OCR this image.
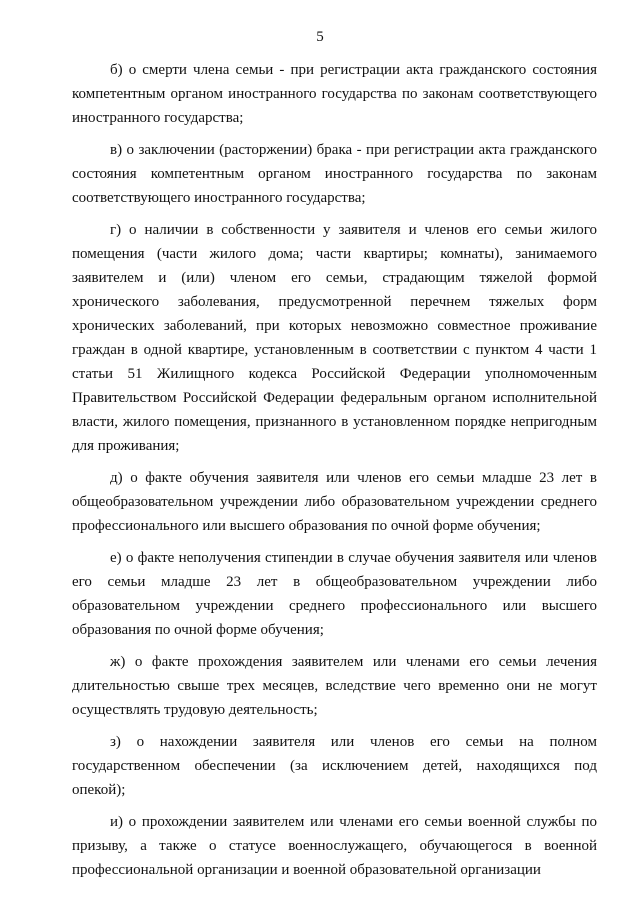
5
б) о смерти члена семьи - при регистрации акта гражданского состояния
компетентным органом иностранного государства по законам соответствующего
иностранного государства;
в) о заключении (расторжении) брака - при регистрации акта гражданского
состояния компетентным органом иностранного государства по законам
соответствующего иностранного государства;
г) о наличии в собственности у заявителя и членов его семьи жилого
помещения (части жилого дома; части квартиры; комнаты), занимаемого
заявителем и (или) членом его семьи, страдающим тяжелой формой
хронического заболевания, предусмотренной перечнем тяжелых форм
хронических заболеваний, при которых невозможно совместное проживание
граждан в одной квартире, установленным в соответствии с пунктом 4 части 1
статьи 51 Жилищного кодекса Российской Федерации уполномоченным
Правительством Российской Федерации федеральным органом исполнительной
власти, жилого помещения, признанного в установленном порядке непригодным
для проживания;
д) о факте обучения заявителя или членов его семьи младше 23 лет в
общеобразовательном учреждении либо образовательном учреждении среднего
профессионального или высшего образования по очной форме обучения;
е) о факте неполучения стипендии в случае обучения заявителя или членов
его семьи младше 23 лет в общеобразовательном учреждении либо
образовательном учреждении среднего профессионального или высшего
образования по очной форме обучения;
ж) о факте прохождения заявителем или членами его семьи лечения
длительностью свыше трех месяцев, вследствие чего временно они не могут
осуществлять трудовую деятельность;
з) о нахождении заявителя или членов его семьи на полном
государственном обеспечении (за исключением детей, находящихся под
опекой);
и) о прохождении заявителем или членами его семьи военной службы по
призыву, а также о статусе военнослужащего, обучающегося в военной
профессиональной организации и военной образовательной организации
